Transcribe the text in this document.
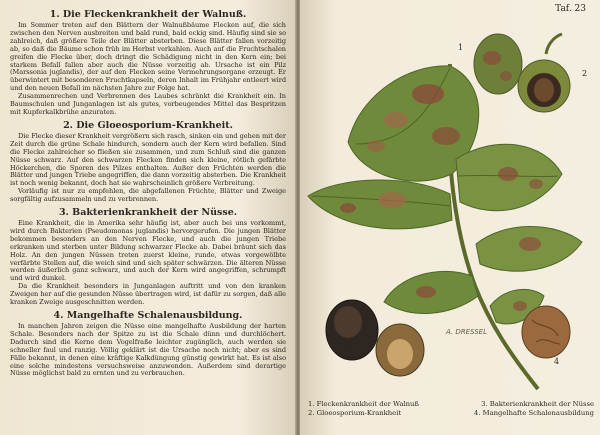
1. Die Fleckenkrankheit der Walnuß.

Im Sommer treten auf den Blättern der Walnußbäume Flecken auf, die sich zwischen den Nerven ausbreiten und bald rund, bald eckig sind. Häufig sind sie so zahlreich, daß größere Teile der Blätter absterben. Diese Blätter fallen vorzeitig ab, so daß die Bäume schon früh im Herbst verkahlen. Auch auf die Fruchtschalen greifen die Flecke über, doch dringt die Schädigung nicht in den Kern ein; bei starkem Befall fallen aber auch die Nüsse vorzeitig ab. Ursache ist ein Pilz (Marssonia juglandis), der auf den Flecken seine Vermehrungsorgane erzeugt. Er überwintert mit besonderen Fruchtkapseln, deren Inhalt im Frühjahr entleert wird und den neuen Befall im nächsten Jahre zur Folge hat.

Zusammenrechen und Verbrennen des Laubes schränkt die Krankheit ein. In Baumschulen und Junganlagen ist als gutes, vorbeugendes Mittel das Bespritzen mit Kupferkalkbrühe anzuraten.

2. Die Gloeosporium-Krankheit.

Die Flecke dieser Krankheit vergrößern sich rasch, sinken ein und gehen mit der Zeit durch die grüne Schale hindurch, sondern auch der Kern wird befallen. Sind die Flecke zahlreicher so fließen sie zusammen, und zum Schluß sind die ganzen Nüsse schwarz. Auf den schwarzen Flecken finden sich kleine, rötlich gefärbte Höckerchen, die Sporen des Pilzes enthalten. Außer den Früchten werden die Blätter und jungen Triebe angegriffen, die dann vorzeitig absterben. Die Krankheit ist noch wenig bekannt, doch hat sie wahrscheinlich größere Verbreitung.

Vorläufig ist nur zu empfehlen, die abgefallenen Früchte, Blätter und Zweige sorgfältig aufzusammeln und zu verbrennen.

3. Bakterienkrankheit der Nüsse.

Eine Krankheit, die in Amerika sehr häufig ist, aber auch bei uns vorkommt, wird durch Bakterien (Pseudomonas juglandis) hervorgerufen. Die jungen Blätter bekommen besonders an den Nerven Flecke, und auch die jungen Triebe erkranken und sterben unter Bildung schwarzer Flecke ab. Dabei bräunt sich das Holz. An den jungen Nüssen treten zuerst kleine, runde, etwas vorgewölbte verfärbte Stellen auf, die weich sind und sich später schwärzen. Die älteren Nüsse werden äußerlich ganz schwarz, und auch der Kern wird angegriffen, schrumpft und wird dunkel.

Da die Krankheit besonders in Junganlagen auftritt und von den kranken Zweigen her auf die gesunden Nüsse übertragen wird, ist dafür zu sorgen, daß alle kranken Zweige ausgeschnitten werden.

4. Mangelhafte Schalenausbildung.

In manchen Jahren zeigen die Nüsse eine mangelhafte Ausbildung der harten Schale. Besonders nach der Spitze zu ist die Schale dünn und durchlöchert. Dadurch sind die Kerne dem Vogelfraße leichter zugänglich, auch werden sie schneller faul und ranzig. Völlig geklärt ist die Ursache noch nicht; aber es sind Fälle bekannt, in denen eine kräftige Kalkdüngung günstig gewirkt hat. Es ist also eine solche mindestens versuchsweise anzuwenden. Außerdem sind derartige Nüsse möglichst bald zu ernten und zu verbrauchen.

Taf. 23
A. DRESSEL
1
2
3
4
1. Fleckenkrankheit der Walnuß	3. Bakterienkrankheit der Nüsse
2. Gloeosporium-Krankheit	4. Mangelhafte Schalenausbildung
